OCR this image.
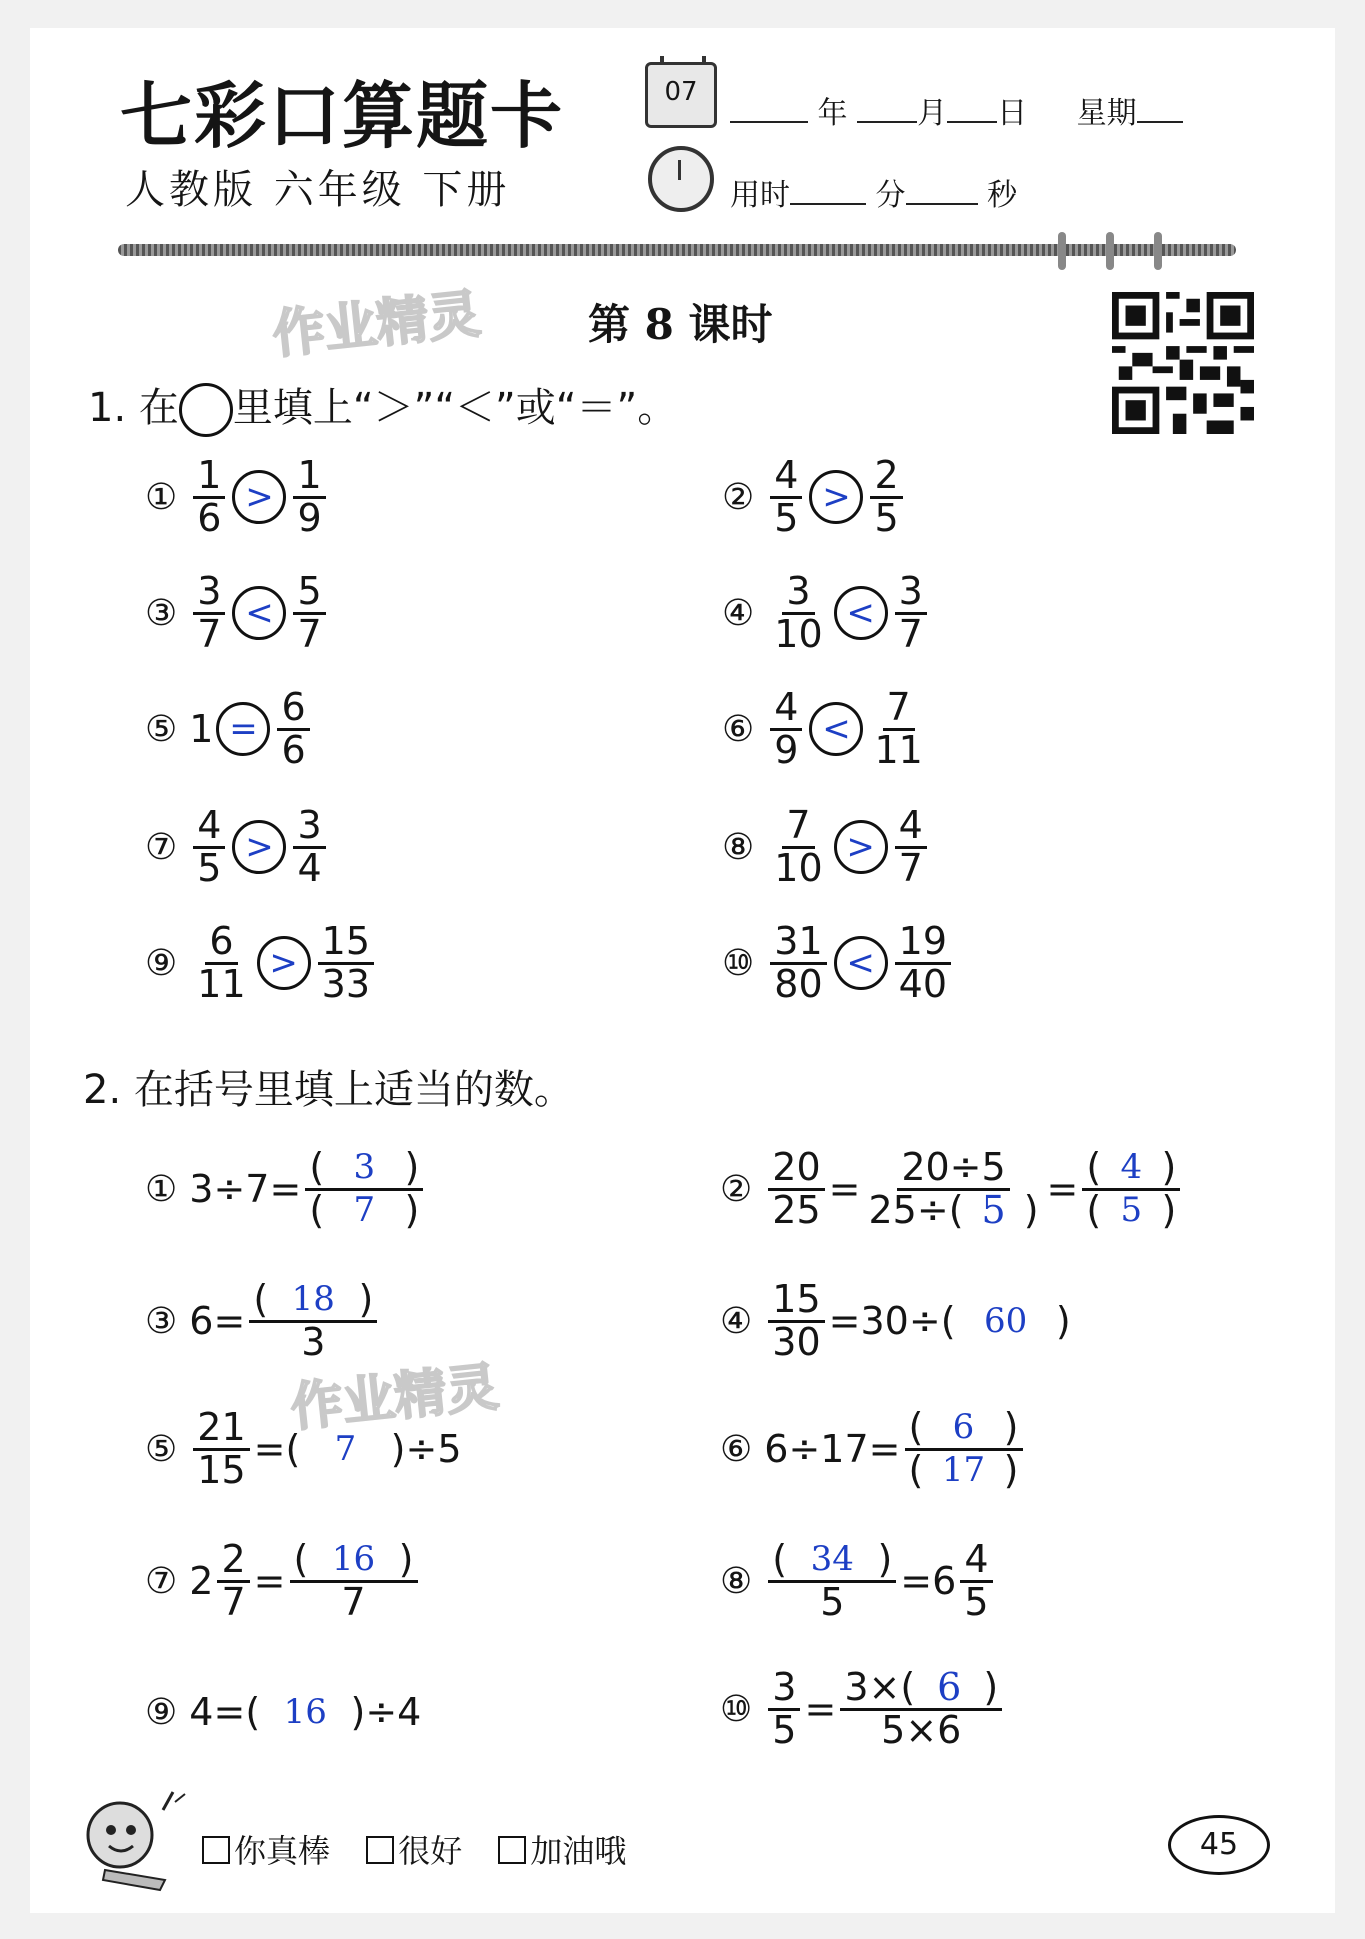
七彩口算题卡
人教版 六年级 下册
07
年 月 日 星期
用时	分	秒
作业精灵
作业精灵
第 8 课时
1. 在 里填上“＞”“＜”或“＝”。
① $\frac{1}{6} > \frac{1}{9}$
③ $\frac{3}{7} < \frac{5}{7}$
⑤ $1 = \frac{6}{6}$
⑦ $\frac{4}{5} > \frac{3}{4}$
⑨ $\frac{6}{11} > \frac{15}{33}$
② $\frac{4}{5} > \frac{2}{5}$
④ $\frac{3}{10} < \frac{3}{7}$
⑥ $\frac{4}{9} < \frac{7}{11}$
⑧ $\frac{7}{10} > \frac{4}{7}$
⑩ $\frac{31}{80} < \frac{19}{40}$
2. 在括号里填上适当的数。
① $3\div 7 = \frac{( 3 )}{( 7 )}$	② $\frac{20}{25} = \frac{20\div 5}{25\div( 5 )} = \frac{( 4 )}{( 5 )}$
③ $6 = \frac{( 18 )}{3}$	④ $\frac{15}{30} = 30\div$ ( 60 )
⑤ $\frac{21}{15}$ = ( 7 ) ÷5	⑥ $6\div 17 = \frac{( 6 )}{( 17 )}$
⑦ $2 \frac{2}{7} = \frac{( 16 )}{7}$	⑧ $\frac{( 34 )}{5} = 6 \frac{4}{5}$
⑨ 4 = ( 16 ) ÷4	⑩ $\frac{3}{5} = \frac{3\times( 6 )}{5\times 6}$
你真棒 很好 加油哦	45
